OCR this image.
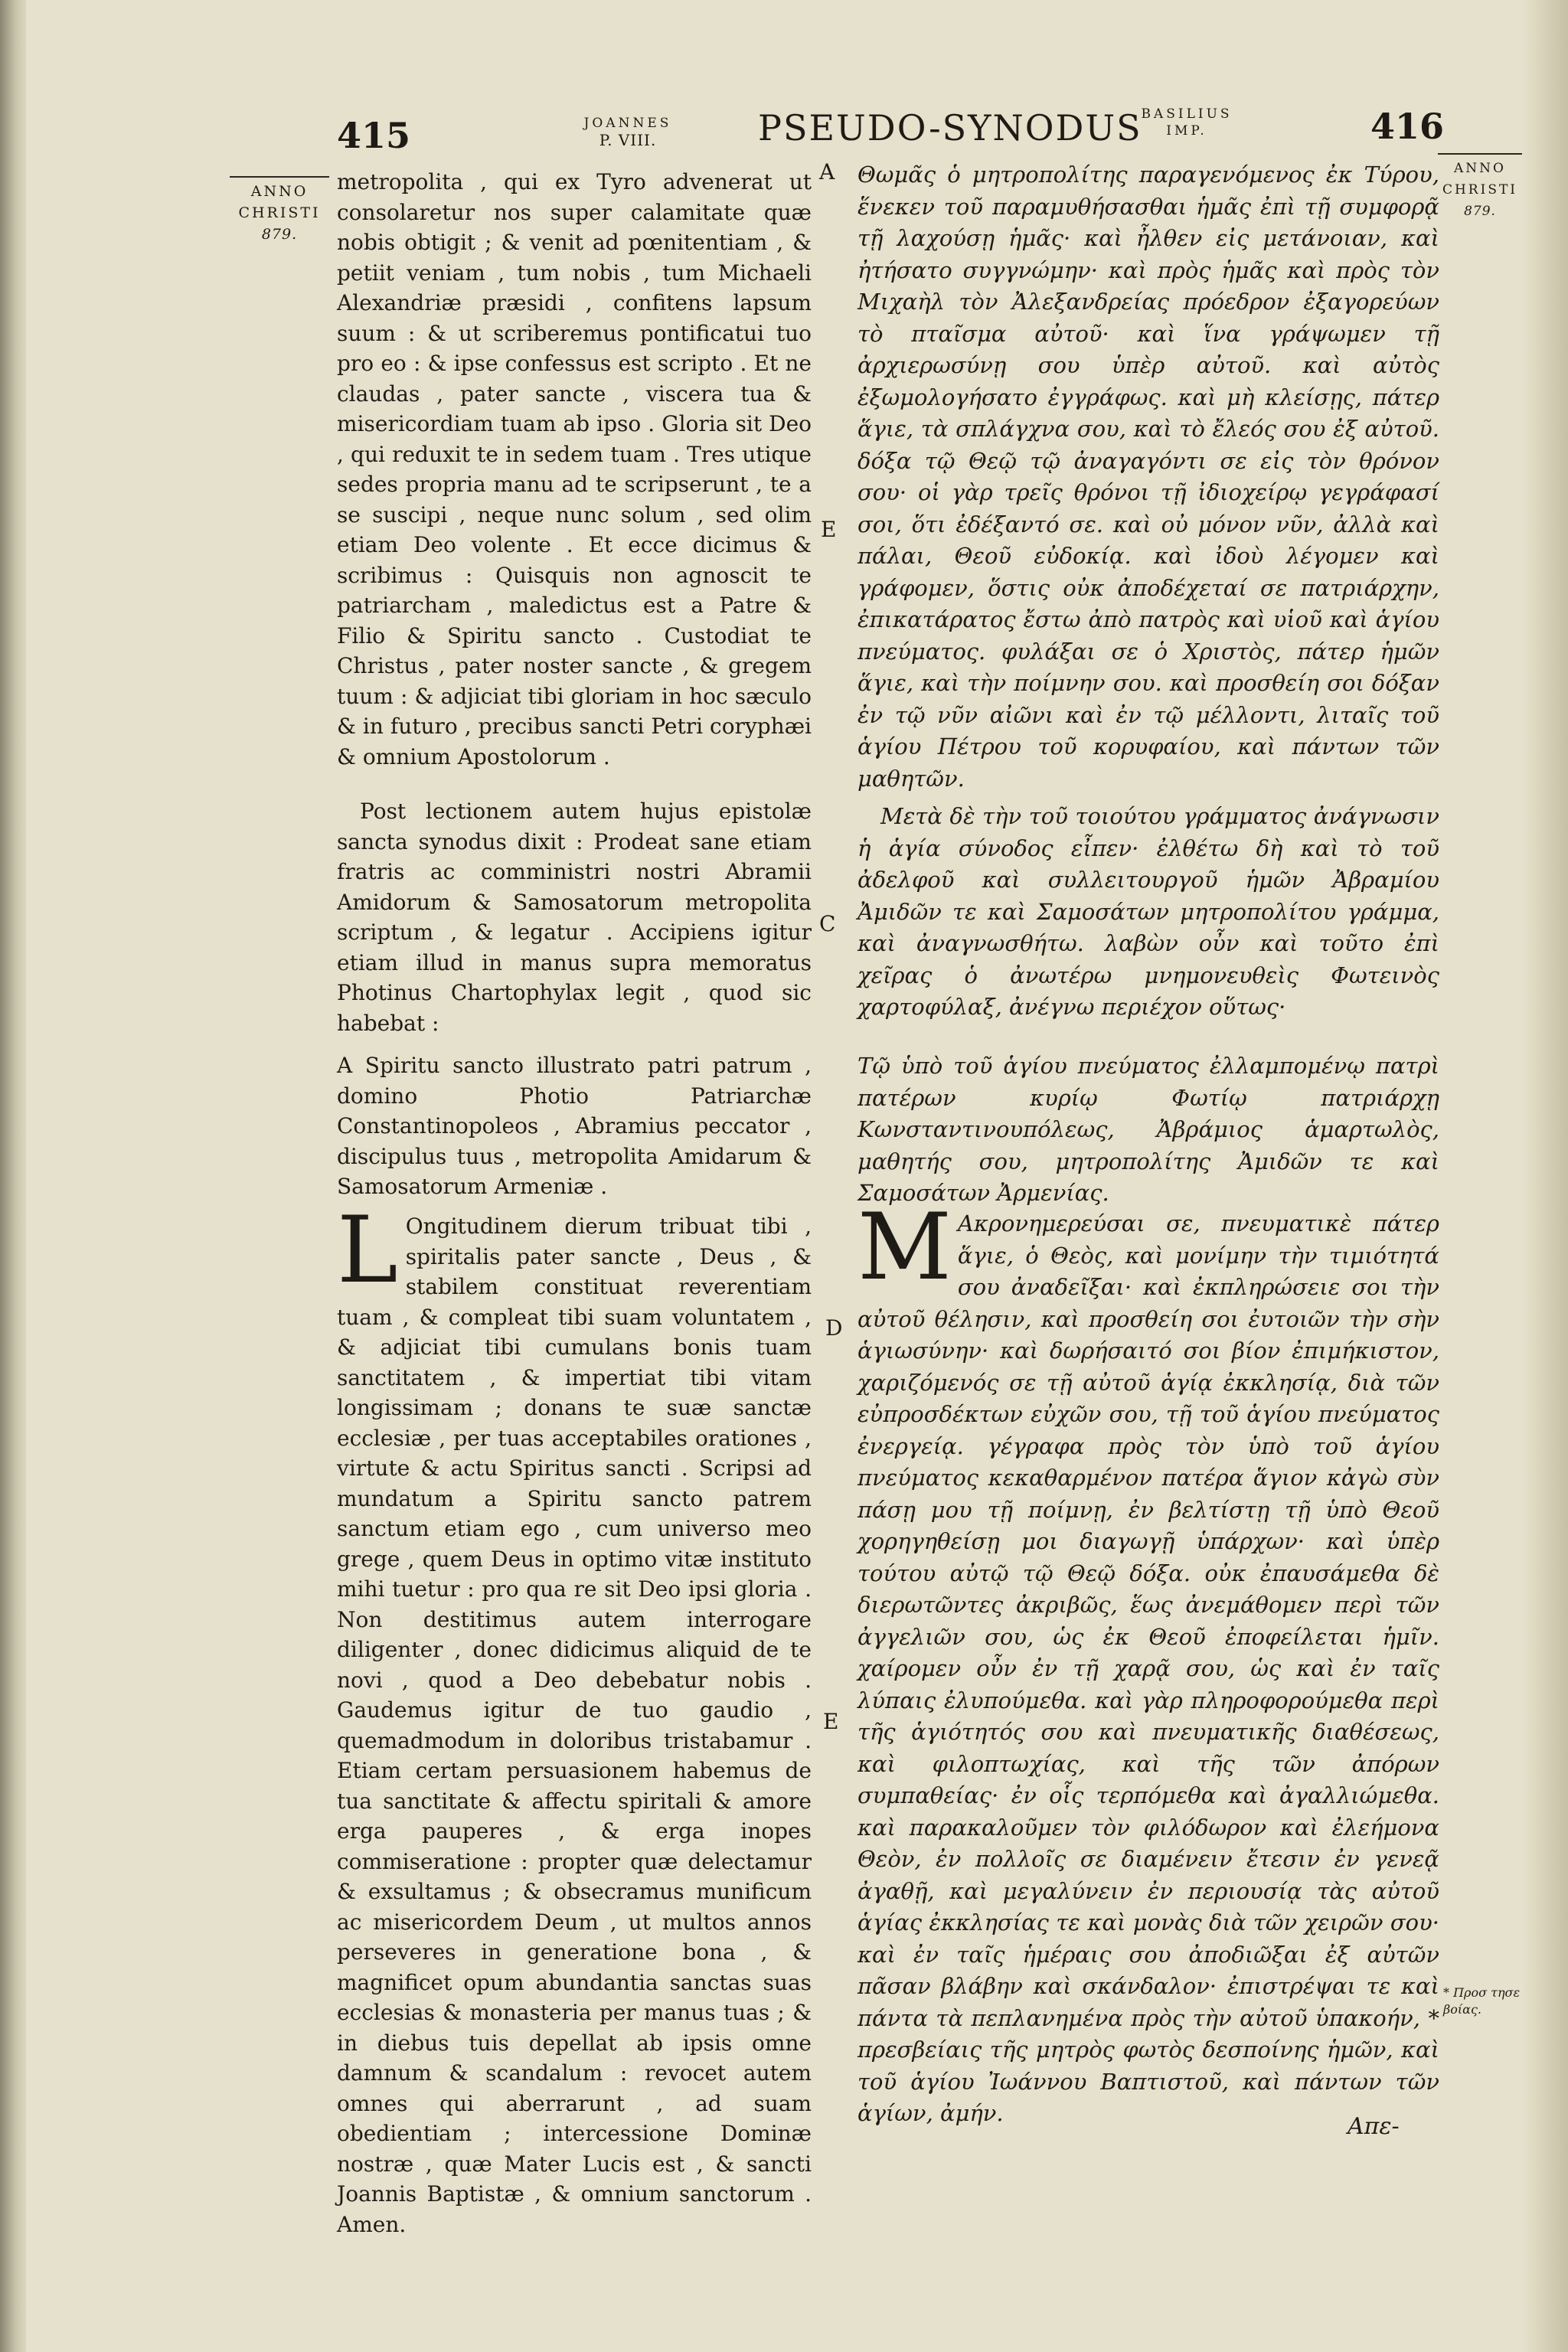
415	JOANNES
P. VIII.	PSEUDO-SYNODUS
BASILIUS
IMP.	416
ANNO
CHRISTI
879.
ANNO
CHRISTI
879.
A
E
C
D
E

metropolita , qui ex Tyro advenerat ut consolaretur nos super calamitate quæ nobis obtigit ; & venit ad pœnitentiam , & petiit veniam , tum nobis , tum Michaeli Alexandriæ præsidi , confitens lapsum suum : & ut scriberemus pontificatui tuo pro eo : & ipse confessus est scripto . Et ne claudas , pater sancte , viscera tua & misericordiam tuam ab ipso . Gloria sit Deo , qui reduxit te in sedem tuam . Tres utique sedes propria manu ad te scripserunt , te a se suscipi , neque nunc solum , sed olim etiam Deo volente . Et ecce dicimus & scribimus : Quisquis non agnoscit te patriarcham , maledictus est a Patre & Filio & Spiritu sancto . Custodiat te Christus , pater noster sancte , & gregem tuum : & adjiciat tibi gloriam in hoc sæculo & in futuro , precibus sancti Petri coryphæi & omnium Apostolorum .

Post lectionem autem hujus epistolæ sancta synodus dixit : Prodeat sane etiam fratris ac comministri nostri Abramii Amidorum & Samosatorum metropolita scriptum , & legatur . Accipiens igitur etiam illud in manus supra memoratus Photinus Chartophylax legit , quod sic habebat :

A Spiritu sancto illustrato patri patrum , domino Photio Patriarchæ Constantinopoleos , Abramius peccator , discipulus tuus , metropolita Amidarum & Samosatorum Armeniæ .

L Ongitudinem dierum tribuat tibi , spiritalis pater sancte , Deus , & stabilem constituat reverentiam tuam , & compleat tibi suam voluntatem , & adjiciat tibi cumulans bonis tuam sanctitatem , & impertiat tibi vitam longissimam ; donans te suæ sanctæ ecclesiæ , per tuas acceptabiles orationes , virtute & actu Spiritus sancti . Scripsi ad mundatum a Spiritu sancto patrem sanctum etiam ego , cum universo meo grege , quem Deus in optimo vitæ instituto mihi tuetur : pro qua re sit Deo ipsi gloria . Non destitimus autem interrogare diligenter , donec didicimus aliquid de te novi , quod a Deo debebatur nobis . Gaudemus igitur de tuo gaudio , quemadmodum in doloribus tristabamur . Etiam certam persuasionem habemus de tua sanctitate & affectu spiritali & amore erga pauperes , & erga inopes commiseratione : propter quæ delectamur & exsultamus ; & obsecramus munificum ac misericordem Deum , ut multos annos perseveres in generatione bona , & magnificet opum abundantia sanctas suas ecclesias & monasteria per manus tuas ; & in diebus tuis depellat ab ipsis omne damnum & scandalum : revocet autem omnes qui aberrarunt , ad suam obedientiam ; intercessione Dominæ nostræ , quæ Mater Lucis est , & sancti Joannis Baptistæ , & omnium sanctorum . Amen.

Θωμᾶς ὁ μητροπολίτης παραγενόμενος ἐκ Τύρου, ἕνεκεν τοῦ παραμυθήσασθαι ἡμᾶς ἐπὶ τῇ συμφορᾷ τῇ λαχούσῃ ἡμᾶς· καὶ ἦλθεν εἰς μετάνοιαν, καὶ ἠτήσατο συγγνώμην· καὶ πρὸς ἡμᾶς καὶ πρὸς τὸν Μιχαὴλ τὸν Ἀλεξανδρείας πρόεδρον ἐξαγορεύων τὸ πταῖσμα αὐτοῦ· καὶ ἵνα γράψωμεν τῇ ἀρχιερωσύνῃ σου ὑπὲρ αὐτοῦ. καὶ αὐτὸς ἐξωμολογήσατο ἐγγράφως. καὶ μὴ κλείσῃς, πάτερ ἅγιε, τὰ σπλάγχνα σου, καὶ τὸ ἔλεός σου ἐξ αὐτοῦ. δόξα τῷ Θεῷ τῷ ἀναγαγόντι σε εἰς τὸν θρόνον σου· οἱ γὰρ τρεῖς θρόνοι τῇ ἰδιοχείρῳ γεγράφασί σοι, ὅτι ἐδέξαντό σε. καὶ οὐ μόνον νῦν, ἀλλὰ καὶ πάλαι, Θεοῦ εὐδοκίᾳ. καὶ ἰδοὺ λέγομεν καὶ γράφομεν, ὅστις οὐκ ἀποδέχεταί σε πατριάρχην, ἐπικατάρατος ἔστω ἀπὸ πατρὸς καὶ υἱοῦ καὶ ἁγίου πνεύματος. φυλάξαι σε ὁ Χριστὸς, πάτερ ἡμῶν ἅγιε, καὶ τὴν ποίμνην σου. καὶ προσθείη σοι δόξαν ἐν τῷ νῦν αἰῶνι καὶ ἐν τῷ μέλλοντι, λιταῖς τοῦ ἁγίου Πέτρου τοῦ κορυφαίου, καὶ πάντων τῶν μαθητῶν.

Μετὰ δὲ τὴν τοῦ τοιούτου γράμματος ἀνάγνωσιν ἡ ἁγία σύνοδος εἶπεν· ἐλθέτω δὴ καὶ τὸ τοῦ ἀδελφοῦ καὶ συλλειτουργοῦ ἡμῶν Ἀβραμίου Ἀμιδῶν τε καὶ Σαμοσάτων μητροπολίτου γράμμα, καὶ ἀναγνωσθήτω. λαβὼν οὖν καὶ τοῦτο ἐπὶ χεῖρας ὁ ἀνωτέρω μνημονευθεὶς Φωτεινὸς χαρτοφύλαξ, ἀνέγνω περιέχον οὕτως·

Τῷ ὑπὸ τοῦ ἁγίου πνεύματος ἐλλαμπομένῳ πατρὶ πατέρων κυρίῳ Φωτίῳ πατριάρχῃ Κωνσταντινουπόλεως, Ἀβράμιος ἁμαρτωλὸς, μαθητής σου, μητροπολίτης Ἀμιδῶν τε καὶ Σαμοσάτων Ἀρμενίας.

Μ Ακρονημερεύσαι σε, πνευματικὲ πάτερ ἅγιε, ὁ Θεὸς, καὶ μονίμην τὴν τιμιότητά σου ἀναδεῖξαι· καὶ ἐκπληρώσειε σοι τὴν αὐτοῦ θέλησιν, καὶ προσθείη σοι ἐυτοιῶν τὴν σὴν ἁγιωσύνην· καὶ δωρήσαιτό σοι βίον ἐπιμήκιστον, χαριζόμενός σε τῇ αὐτοῦ ἁγίᾳ ἐκκλησίᾳ, διὰ τῶν εὐπροσδέκτων εὐχῶν σου, τῇ τοῦ ἁγίου πνεύματος ἐνεργείᾳ. γέγραφα πρὸς τὸν ὑπὸ τοῦ ἁγίου πνεύματος κεκαθαρμένον πατέρα ἅγιον κἀγὼ σὺν πάσῃ μου τῇ ποίμνῃ, ἐν βελτίστῃ τῇ ὑπὸ Θεοῦ χορηγηθείσῃ μοι διαγωγῇ ὑπάρχων· καὶ ὑπὲρ τούτου αὐτῷ τῷ Θεῷ δόξα. οὐκ ἐπαυσάμεθα δὲ διερωτῶντες ἀκριβῶς, ἕως ἀνεμάθομεν περὶ τῶν ἀγγελιῶν σου, ὡς ἐκ Θεοῦ ἐποφείλεται ἡμῖν. χαίρομεν οὖν ἐν τῇ χαρᾷ σου, ὡς καὶ ἐν ταῖς λύπαις ἐλυπούμεθα. καὶ γὰρ πληροφορούμεθα περὶ τῆς ἁγιότητός σου καὶ πνευματικῆς διαθέσεως, καὶ φιλοπτωχίας, καὶ τῆς τῶν ἀπόρων συμπαθείας· ἐν οἷς τερπόμεθα καὶ ἀγαλλιώμεθα. καὶ παρακαλοῦμεν τὸν φιλόδωρον καὶ ἐλεήμονα Θεὸν, ἐν πολλοῖς σε διαμένειν ἔτεσιν ἐν γενεᾷ ἀγαθῇ, καὶ μεγαλύνειν ἐν περιουσίᾳ τὰς αὐτοῦ ἁγίας ἐκκλησίας τε καὶ μονὰς διὰ τῶν χειρῶν σου· καὶ ἐν ταῖς ἡμέραις σου ἀποδιῶξαι ἐξ αὐτῶν πᾶσαν βλάβην καὶ σκάνδαλον· ἐπιστρέψαι τε καὶ πάντα τὰ πεπλανημένα πρὸς τὴν αὐτοῦ ὑπακοήν, * πρεσβείαις τῆς μητρὸς φωτὸς δεσποίνης ἡμῶν, καὶ τοῦ ἁγίου Ἰωάννου Βαπτιστοῦ, καὶ πάντων τῶν ἁγίων, ἀμήν.	Απε-
* Προσ τησε βοίας.
